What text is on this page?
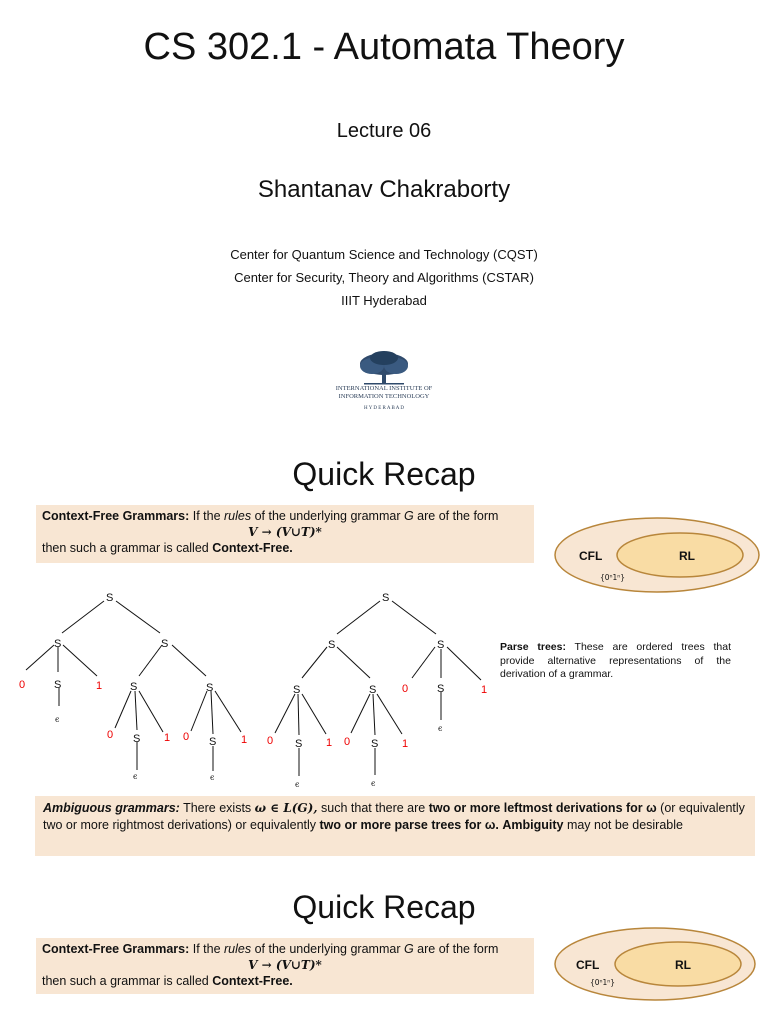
CS 302.1 - Automata Theory
Lecture 06
Shantanav Chakraborty
Center for Quantum Science and Technology (CQST)
Center for Security, Theory and Algorithms (CSTAR)
IIIT Hyderabad
INTERNATIONAL INSTITUTE OF
INFORMATION TECHNOLOGY
H Y D E R A B A D
Quick Recap
Context-Free Grammars: If the rules of the underlying grammar G are of the form
V → (V∪T)*
then such a grammar is called Context-Free.
CFL	RL
{0ⁿ1ⁿ}
S
S	S
0	S	1
ϵ
S	S
0 S 1
ϵ
0 S 1
ϵ
S
S	S
0	S	1
ϵ
S	S
0 S 1
ϵ
0 S 1
ϵ
Parse trees: These are ordered trees that provide alternative representations of the derivation of a grammar.
Ambiguous grammars: There exists ω ∈ L(G), such that there are two or more leftmost derivations for ω (or equivalently two or more rightmost derivations) or equivalently two or more parse trees for ω. Ambiguity may not be desirable
Quick Recap
Context-Free Grammars: If the rules of the underlying grammar G are of the form
V → (V∪T)*
then such a grammar is called Context-Free.
CFL	RL
{0ⁿ1ⁿ}
